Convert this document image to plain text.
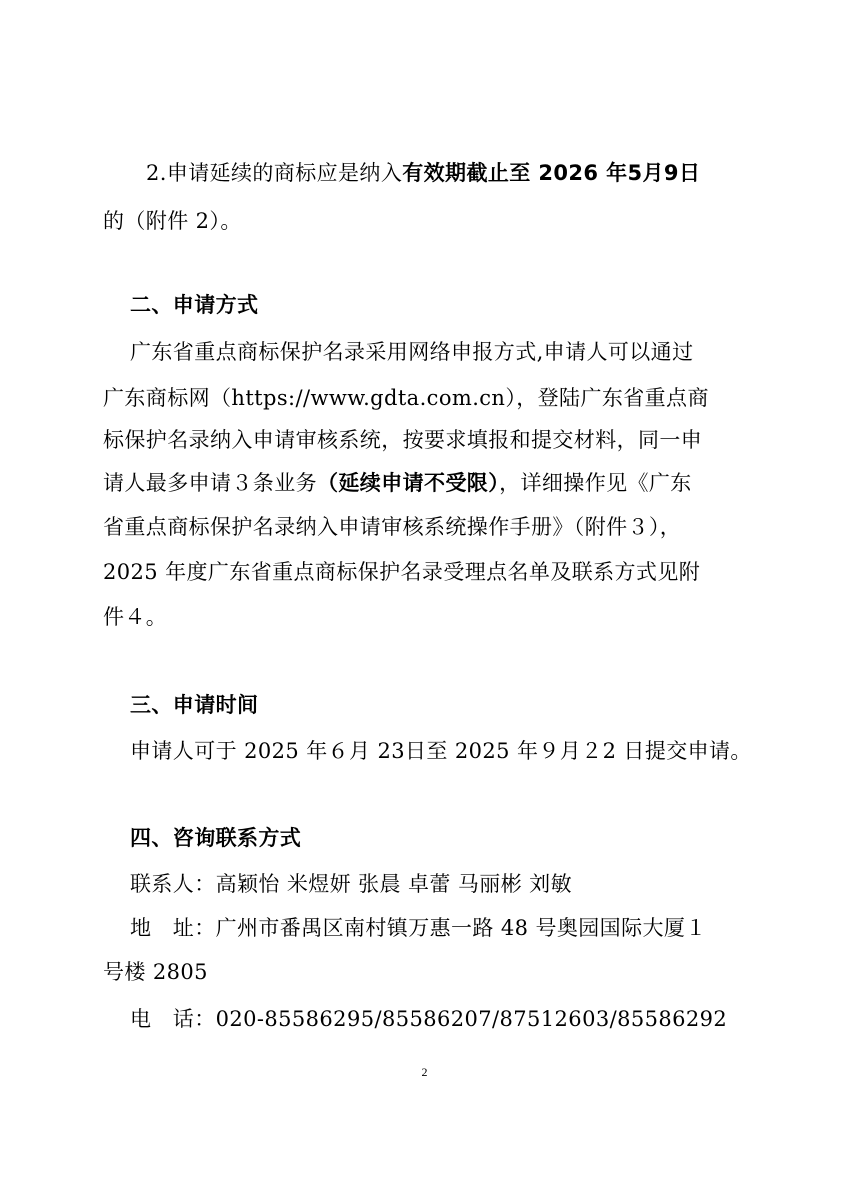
2.申请延续的商标应是纳入有效期截止至 2026 年5月9日
的（附件 2）。
二、申请方式
广东省重点商标保护名录采用网络申报方式,申请人可以通过
广东商标网（https://www.gdta.com.cn），登陆广东省重点商
标保护名录纳入申请审核系统，按要求填报和提交材料，同一申
请人最多申请３条业务（延续申请不受限），详细操作见《广东
省重点商标保护名录纳入申请审核系统操作手册》（附件３），
2025 年度广东省重点商标保护名录受理点名单及联系方式见附
件４。
三、申请时间
申请人可于 2025 年６月 23日至 2025 年９月２2 日提交申请。
四、咨询联系方式
联系人：高颖怡 米煜妍 张晨 卓蕾 马丽彬 刘敏
地　址：广州市番禺区南村镇万惠一路 48 号奥园国际大厦１
号楼 2805
电　话：020-85586295/85586207/87512603/85586292
2
